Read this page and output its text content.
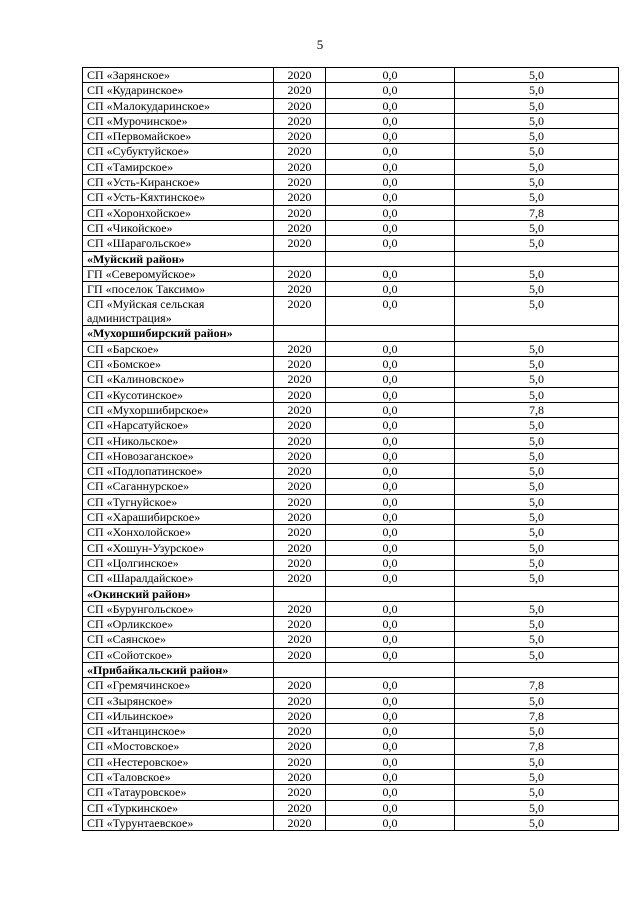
5
СП «Зарянское»	2020	0,0	5,0
СП «Кударинское»	2020	0,0	5,0
СП «Малокударинское»	2020	0,0	5,0
СП «Мурочинское»	2020	0,0	5,0
СП «Первомайское»	2020	0,0	5,0
СП «Субуктуйское»	2020	0,0	5,0
СП «Тамирское»	2020	0,0	5,0
СП «Усть-Киранское»	2020	0,0	5,0
СП «Усть-Кяхтинское»	2020	0,0	5,0
СП «Хоронхойское»	2020	0,0	7,8
СП «Чикойское»	2020	0,0	5,0
СП «Шарагольское»	2020	0,0	5,0
«Муйский район»			
ГП «Северомуйское»	2020	0,0	5,0
ГП «поселок Таксимо»	2020	0,0	5,0
СП «Муйская сельская администрация»	2020	0,0	5,0
«Мухоршибирский район»			
СП «Барское»	2020	0,0	5,0
СП «Бомское»	2020	0,0	5,0
СП «Калиновское»	2020	0,0	5,0
СП «Кусотинское»	2020	0,0	5,0
СП «Мухоршибирское»	2020	0,0	7,8
СП «Нарсатуйское»	2020	0,0	5,0
СП «Никольское»	2020	0,0	5,0
СП «Новозаганское»	2020	0,0	5,0
СП «Подлопатинское»	2020	0,0	5,0
СП «Саганнурское»	2020	0,0	5,0
СП «Тугнуйское»	2020	0,0	5,0
СП «Харашибирское»	2020	0,0	5,0
СП «Хонхолойское»	2020	0,0	5,0
СП «Хошун-Узурское»	2020	0,0	5,0
СП «Цолгинское»	2020	0,0	5,0
СП «Шаралдайское»	2020	0,0	5,0
«Окинский район»			
СП «Бурунгольское»	2020	0,0	5,0
СП «Орликское»	2020	0,0	5,0
СП «Саянское»	2020	0,0	5,0
СП «Сойотское»	2020	0,0	5,0
«Прибайкальский район»			
СП «Гремячинское»	2020	0,0	7,8
СП «Зырянское»	2020	0,0	5,0
СП «Ильинское»	2020	0,0	7,8
СП «Итанцинское»	2020	0,0	5,0
СП «Мостовское»	2020	0,0	7,8
СП «Нестеровское»	2020	0,0	5,0
СП «Таловское»	2020	0,0	5,0
СП «Татауровское»	2020	0,0	5,0
СП «Туркинское»	2020	0,0	5,0
СП «Турунтаевское»	2020	0,0	5,0
